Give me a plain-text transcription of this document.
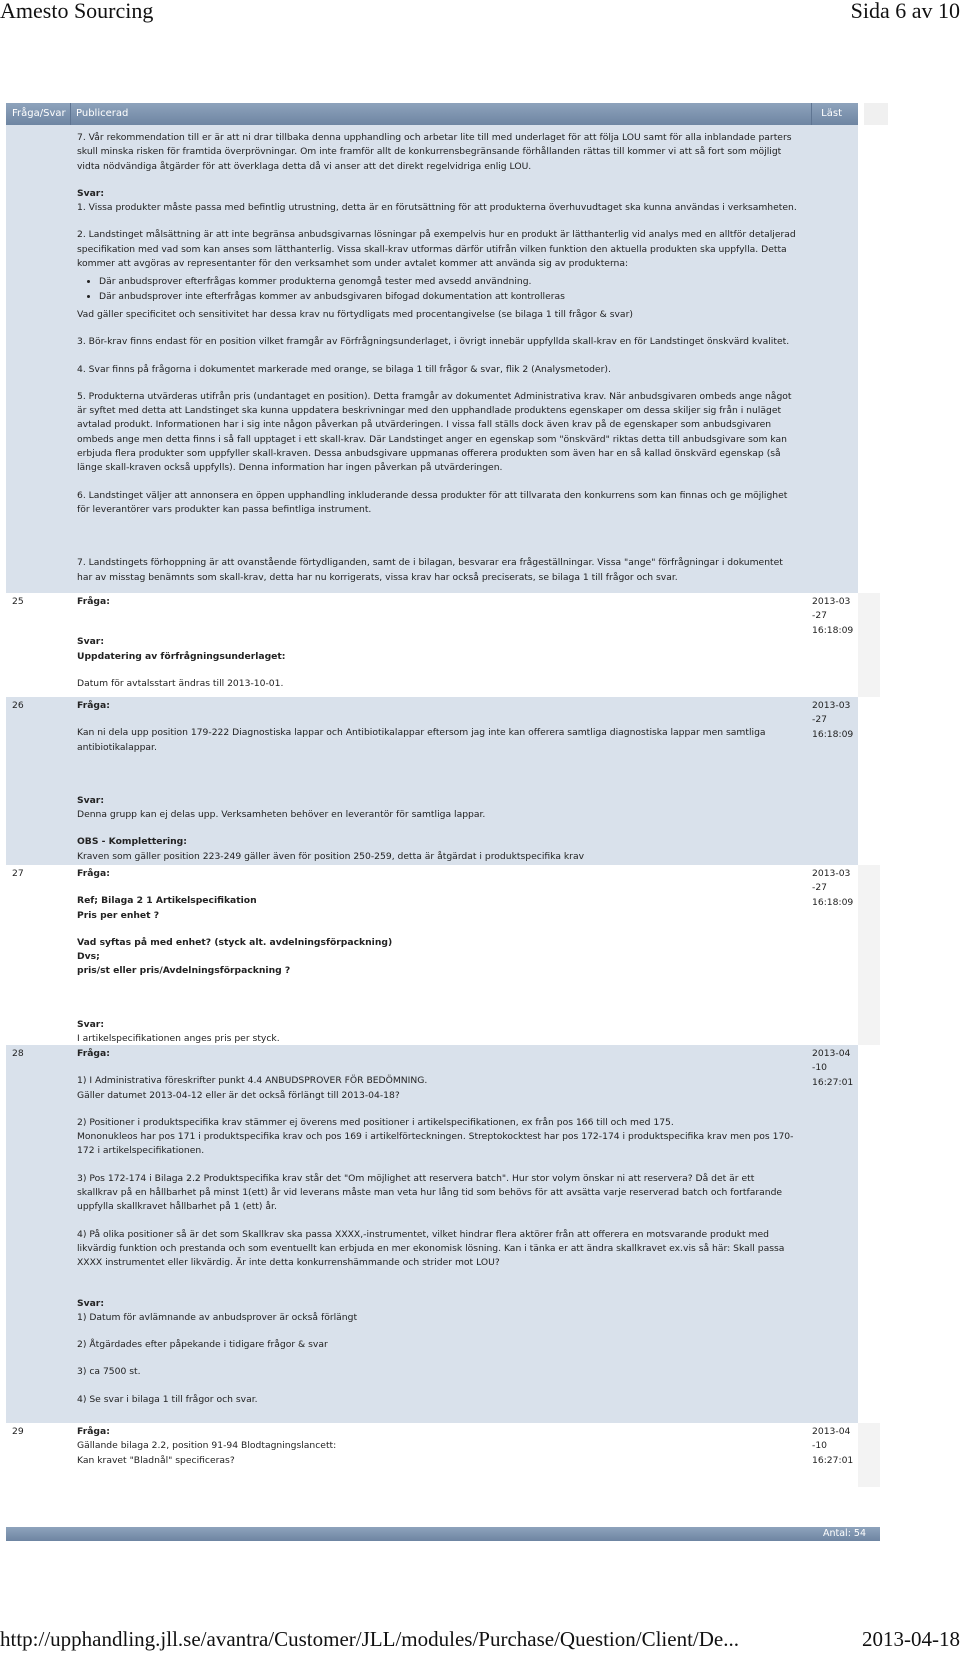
Amesto Sourcing	Sida 6 av 10
Fråga/Svar Publicerad	Läst

7. Vår rekommendation till er är att ni drar tillbaka denna upphandling och arbetar lite till med underlaget för att följa LOU samt för alla inblandade parters skull minska risken för framtida överprövningar. Om inte framför allt de konkurrensbegränsande förhållanden rättas till kommer vi att så fort som möjligt vidta nödvändiga åtgärder för att överklaga detta då vi anser att det direkt regelvidriga enlig LOU.

Svar:

1. Vissa produkter måste passa med befintlig utrustning, detta är en förutsättning för att produkterna överhuvudtaget ska kunna användas i verksamheten.

2. Landstinget målsättning är att inte begränsa anbudsgivarnas lösningar på exempelvis hur en produkt är lätthanterlig vid analys med en alltför detaljerad specifikation med vad som kan anses som lätthanterlig. Vissa skall-krav utformas därför utifrån vilken funktion den aktuella produkten ska uppfylla. Detta kommer att avgöras av representanter för den verksamhet som under avtalet kommer att använda sig av produkterna:

• Där anbudsprover efterfrågas kommer produkterna genomgå tester med avsedd användning.
• Där anbudsprover inte efterfrågas kommer av anbudsgivaren bifogad dokumentation att kontrolleras

Vad gäller specificitet och sensitivitet har dessa krav nu förtydligats med procentangivelse (se bilaga 1 till frågor & svar)

3. Bör-krav finns endast för en position vilket framgår av Förfrågningsunderlaget, i övrigt innebär uppfyllda skall-krav en för Landstinget önskvärd kvalitet.

4. Svar finns på frågorna i dokumentet markerade med orange, se bilaga 1 till frågor & svar, flik 2 (Analysmetoder).

5. Produkterna utvärderas utifrån pris (undantaget en position). Detta framgår av dokumentet Administrativa krav. När anbudsgivaren ombeds ange något är syftet med detta att Landstinget ska kunna uppdatera beskrivningar med den upphandlade produktens egenskaper om dessa skiljer sig från i nuläget avtalad produkt. Informationen har i sig inte någon påverkan på utvärderingen. I vissa fall ställs dock även krav på de egenskaper som anbudsgivaren ombeds ange men detta finns i så fall upptaget i ett skall-krav. Där Landstinget anger en egenskap som "önskvärd" riktas detta till anbudsgivare som kan erbjuda flera produkter som uppfyller skall-kraven. Dessa anbudsgivare uppmanas offerera produkten som även har en så kallad önskvärd egenskap (så länge skall-kraven också uppfylls). Denna information har ingen påverkan på utvärderingen.

6. Landstinget väljer att annonsera en öppen upphandling inkluderande dessa produkter för att tillvarata den konkurrens som kan finnas och ge möjlighet för leverantörer vars produkter kan passa befintliga instrument.

7. Landstingets förhoppning är att ovanstående förtydliganden, samt de i bilagan, besvarar era frågeställningar. Vissa "ange" förfrågningar i dokumentet har av misstag benämnts som skall-krav, detta har nu korrigerats, vissa krav har också preciserats, se bilaga 1 till frågor och svar.

25	Fråga:

Svar:

Uppdatering av förfrågningsunderlaget:

Datum för avtalsstart ändras till 2013-10-01.

2013-03
-27
16:18:09
26	Fråga:

Kan ni dela upp position 179-222 Diagnostiska lappar och Antibiotikalappar eftersom jag inte kan offerera samtliga diagnostiska lappar men samtliga antibiotikalappar.

Svar:

Denna grupp kan ej delas upp. Verksamheten behöver en leverantör för samtliga lappar.

OBS - Komplettering:

Kraven som gäller position 223-249 gäller även för position 250-259, detta är åtgärdat i produktspecifika krav

2013-03
-27
16:18:09
27	Fråga:

Ref; Bilaga 2 1 Artikelspecifikation

Pris per enhet ?

Vad syftas på med enhet? (styck alt. avdelningsförpackning)

Dvs;

pris/st eller pris/Avdelningsförpackning ?

Svar:

I artikelspecifikationen anges pris per styck.

2013-03
-27
16:18:09
28	Fråga:

1) I Administrativa föreskrifter punkt 4.4 ANBUDSPROVER FÖR BEDÖMNING.

Gäller datumet 2013-04-12 eller är det också förlängt till 2013-04-18?

2) Positioner i produktspecifika krav stämmer ej överens med positioner i artikelspecifikationen, ex från pos 166 till och med 175.

Mononukleos har pos 171 i produktspecifika krav och pos 169 i artikelförteckningen. Streptokocktest har pos 172-174 i produktspecifika krav men pos 170-172 i artikelspecifikationen.

3) Pos 172-174 i Bilaga 2.2 Produktspecifika krav står det "Om möjlighet att reservera batch". Hur stor volym önskar ni att reservera? Då det är ett skallkrav på en hållbarhet på minst 1(ett) år vid leverans måste man veta hur lång tid som behövs för att avsätta varje reserverad batch och fortfarande uppfylla skallkravet hållbarhet på 1 (ett) år.

4) På olika positioner så är det som Skallkrav ska passa XXXX,-instrumentet, vilket hindrar flera aktörer från att offerera en motsvarande produkt med likvärdig funktion och prestanda och som eventuellt kan erbjuda en mer ekonomisk lösning. Kan i tänka er att ändra skallkravet ex.vis så här: Skall passa XXXX instrumentet eller likvärdig. Är inte detta konkurrenshämmande och strider mot LOU?

Svar:

1) Datum för avlämnande av anbudsprover är också förlängt

2) Åtgärdades efter påpekande i tidigare frågor & svar

3) ca 7500 st.

4) Se svar i bilaga 1 till frågor och svar.

2013-04
-10
16:27:01
29	Fråga:

Gällande bilaga 2.2, position 91-94 Blodtagningslancett:

Kan kravet "Bladnål" specificeras?

2013-04
-10
16:27:01
Antal: 54
http://upphandling.jll.se/avantra/Customer/JLL/modules/Purchase/Question/Client/De...	2013-04-18
